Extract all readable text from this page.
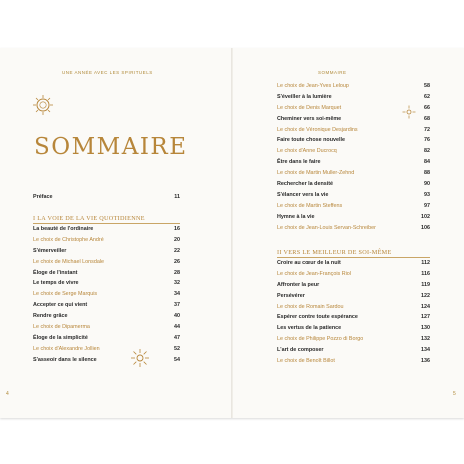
UNE ANNÉE AVEC LES SPIRITUELS
SOMMAIRE
Préface	11
I LA VOIE DE LA VIE QUOTIDIENNE
La beauté de l'ordinaire	16
Le choix de Christophe André	20
S'émerveiller	22
Le choix de Michael Lonsdale	26
Éloge de l'instant	28
Le temps de vivre	32
Le choix de Serge Marquis	34
Accepter ce qui vient	37
Rendre grâce	40
Le choix de Dipamerma	44
Éloge de la simplicité	47
Le choix d'Alexandre Jollien	52
S'asseoir dans le silence	54
4
SOMMAIRE
Le choix de Jean-Yves Leloup	58
S'éveiller à la lumière	62
Le choix de Denis Marquet	66
Cheminer vers soi-même	68
Le choix de Véronique Desjardins	72
Faire toute chose nouvelle	76
Le choix d'Anne Ducrocq	82
Être dans le faire	84
Le choix de Martin Muller-Zehnd	88
Rechercher la densité	90
S'élancer vers la vie	93
Le choix de Martin Steffens	97
Hymne à la vie	102
Le choix de Jean-Louis Servan-Schreiber	106
II VERS LE MEILLEUR DE SOI-MÊME
Croire au cœur de la nuit	112
Le choix de Jean-François Riol	116
Affronter la peur	119
Persévérer	122
Le choix de Romain Sardou	124
Espérer contre toute espérance	127
Les vertus de la patience	130
Le choix de Philippe Pozzo di Borgo	132
L'art de composer	134
Le choix de Benoît Billot	136
5
